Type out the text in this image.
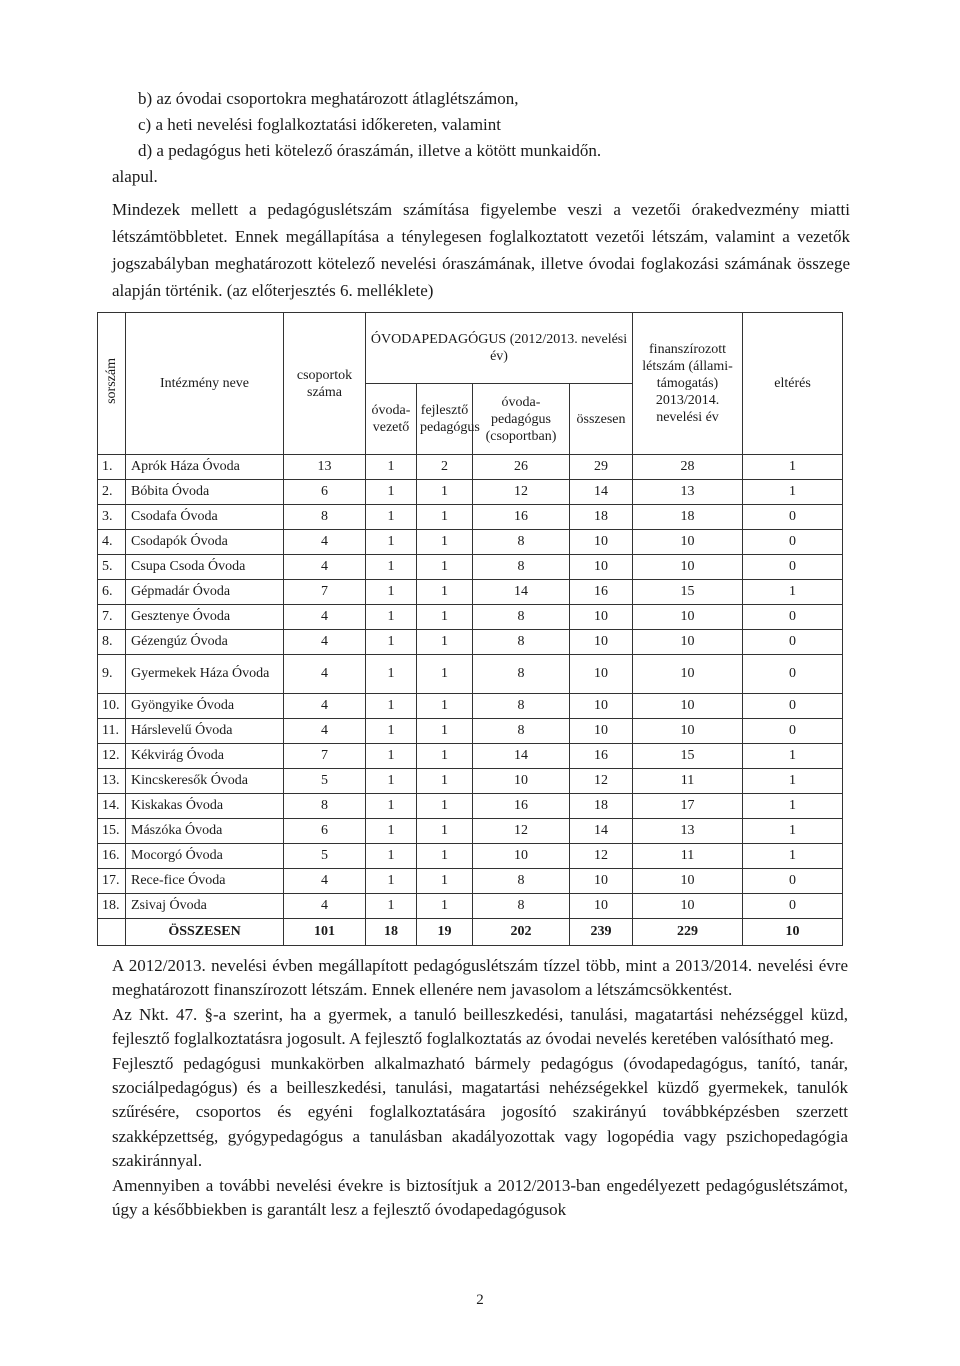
b) az óvodai csoportokra meghatározott átlaglétszámon,
c) a heti nevelési foglalkoztatási időkereten, valamint
d) a pedagógus heti kötelező óraszámán, illetve a kötött munkaidőn.
alapul.

Mindezek mellett a pedagóguslétszám számítása figyelembe veszi a vezetői órakedvezmény miatti létszámtöbbletet. Ennek megállapítása a ténylegesen foglalkoztatott vezetői létszám, valamint a vezetők jogszabályban meghatározott kötelező nevelési óraszámának, illetve óvodai foglakozási számának összege alapján történik. (az előterjesztés 6. melléklete)

sorszám	Intézmény neve	csoportok száma	ÓVODAPEDAGÓGUS (2012/2013. nevelési év)				finanszírozott létszám (állami-támogatás) 2013/2014. nevelési év	eltérés
			óvoda-vezető	fejlesztő pedagógus	óvoda-pedagógus (csoportban)	összesen		
1.	Aprók Háza Óvoda	13	1	2	26	29	28	1
2.	Bóbita Óvoda	6	1	1	12	14	13	1
3.	Csodafa Óvoda	8	1	1	16	18	18	0
4.	Csodapók Óvoda	4	1	1	8	10	10	0
5.	Csupa Csoda Óvoda	4	1	1	8	10	10	0
6.	Gépmadár Óvoda	7	1	1	14	16	15	1
7.	Gesztenye Óvoda	4	1	1	8	10	10	0
8.	Gézengúz Óvoda	4	1	1	8	10	10	0
9.	Gyermekek Háza Óvoda	4	1	1	8	10	10	0
10.	Gyöngyike Óvoda	4	1	1	8	10	10	0
11.	Hárslevelű Óvoda	4	1	1	8	10	10	0
12.	Kékvirág Óvoda	7	1	1	14	16	15	1
13.	Kincskeresők Óvoda	5	1	1	10	12	11	1
14.	Kiskakas Óvoda	8	1	1	16	18	17	1
15.	Mászóka Óvoda	6	1	1	12	14	13	1
16.	Mocorgó Óvoda	5	1	1	10	12	11	1
17.	Rece-fice Óvoda	4	1	1	8	10	10	0
18.	Zsivaj Óvoda	4	1	1	8	10	10	0
	ÖSSZESEN	101	18	19	202	239	229	10

A 2012/2013. nevelési évben megállapított pedagóguslétszám tízzel több, mint a 2013/2014. nevelési évre meghatározott finanszírozott létszám. Ennek ellenére nem javasolom a létszámcsökkentést.

Az Nkt. 47. §-a szerint, ha a gyermek, a tanuló beilleszkedési, tanulási, magatartási nehézséggel küzd, fejlesztő foglalkoztatásra jogosult. A fejlesztő foglalkoztatás az óvodai nevelés keretében valósítható meg.

Fejlesztő pedagógusi munkakörben alkalmazható bármely pedagógus (óvodapedagógus, tanító, tanár, szociálpedagógus) és a beilleszkedési, tanulási, magatartási nehézségekkel küzdő gyermekek, tanulók szűrésére, csoportos és egyéni foglalkoztatására jogosító szakirányú továbbképzésben szerzett szakképzettség, gyógypedagógus a tanulásban akadályozottak vagy logopédia vagy pszichopedagógia szakiránnyal.

Amennyiben a további nevelési évekre is biztosítjuk a 2012/2013-ban engedélyezett pedagóguslétszámot, úgy a későbbiekben is garantált lesz a fejlesztő óvodapedagógusok

2
